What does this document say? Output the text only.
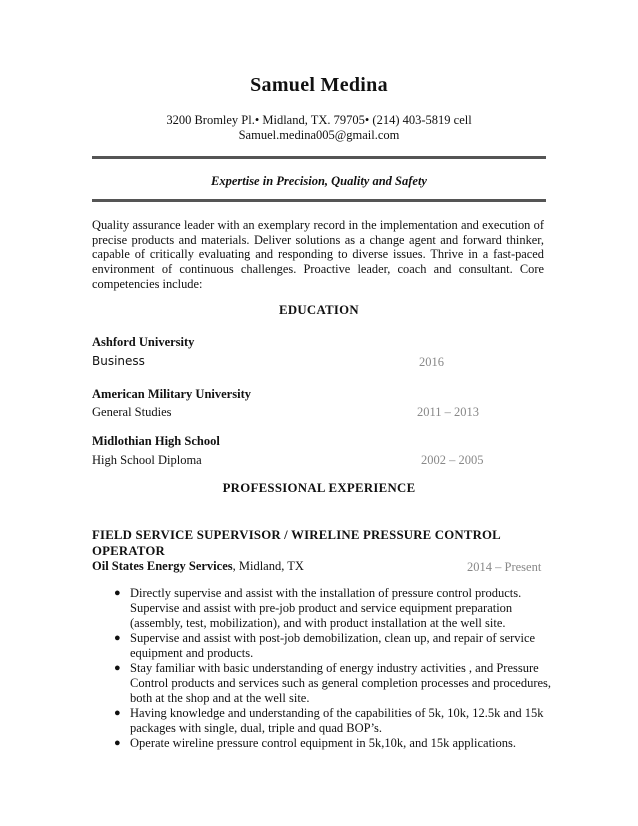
Samuel Medina
3200 Bromley Pl.• Midland, TX. 79705• (214) 403-5819 cell
Samuel.medina005@gmail.com
Expertise in Precision, Quality and Safety
Quality assurance leader with an exemplary record in the implementation and execution of precise products and materials. Deliver solutions as a change agent and forward thinker, capable of critically evaluating and responding to diverse issues. Thrive in a fast-paced environment of continuous challenges. Proactive leader, coach and consultant. Core competencies include:
EDUCATION
Ashford University
Business	2016
American Military University
General Studies	2011 – 2013
Midlothian High School
High School Diploma	2002 – 2005
PROFESSIONAL EXPERIENCE
FIELD SERVICE SUPERVISOR / WIRELINE PRESSURE CONTROL OPERATOR
Oil States Energy Services, Midland, TX	2014 – Present
● Directly supervise and assist with the installation of pressure control products. Supervise and assist with pre-job product and service equipment preparation (assembly, test, mobilization), and with product installation at the well site.
● Supervise and assist with post-job demobilization, clean up, and repair of service equipment and products.
● Stay familiar with basic understanding of energy industry activities , and Pressure Control products and services such as general completion processes and procedures, both at the shop and at the well site.
● Having knowledge and understanding of the capabilities of 5k, 10k, 12.5k and 15k packages with single, dual, triple and quad BOP’s.
● Operate wireline pressure control equipment in 5k,10k, and 15k applications.
